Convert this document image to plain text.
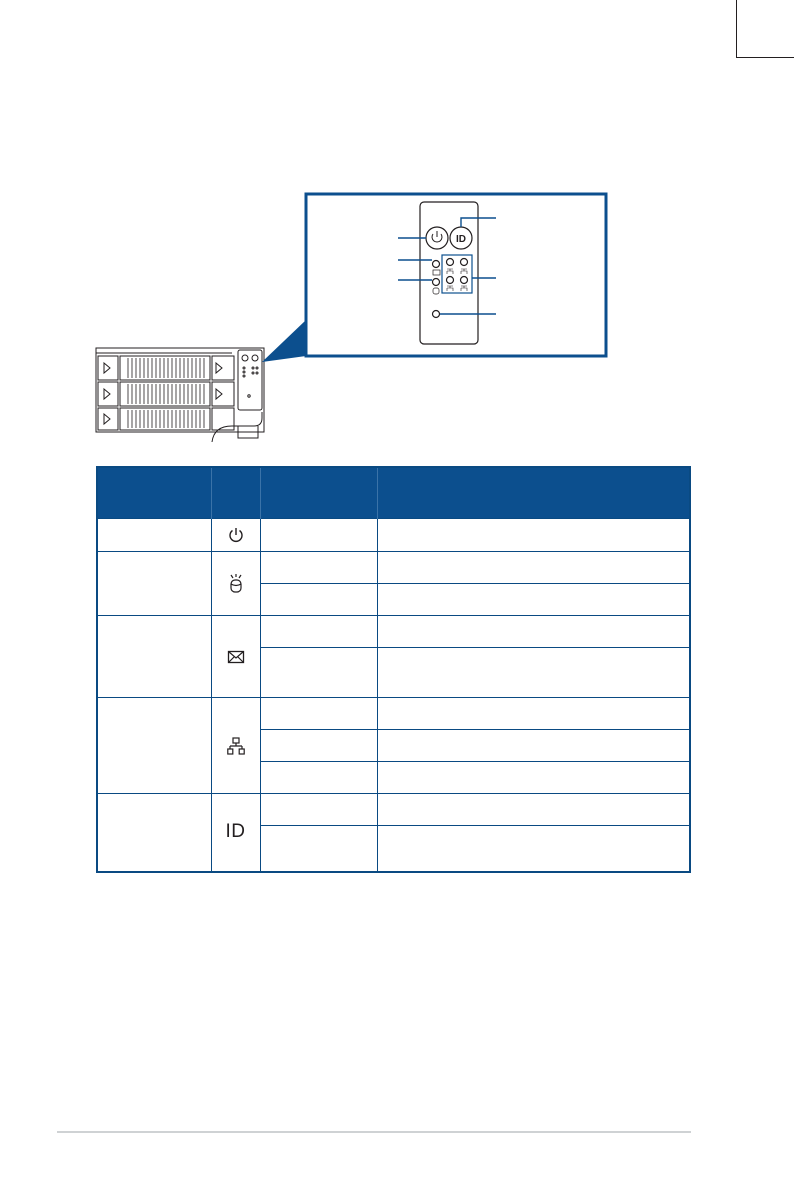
ID

	ID		
